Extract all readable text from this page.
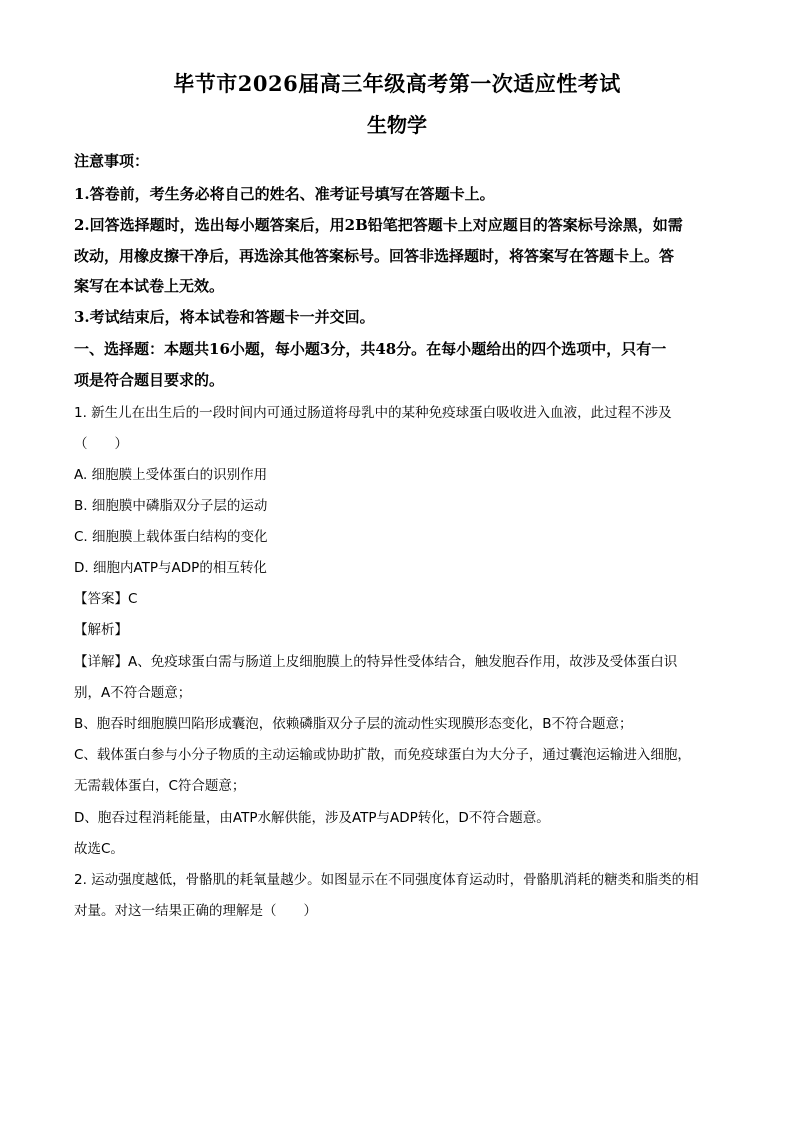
毕节市2026届高三年级高考第一次适应性考试
生物学
注意事项：
1.答卷前，考生务必将自己的姓名、准考证号填写在答题卡上。
2.回答选择题时，选出每小题答案后，用2B铅笔把答题卡上对应题目的答案标号涂黑，如需
改动，用橡皮擦干净后，再选涂其他答案标号。回答非选择题时，将答案写在答题卡上。答
案写在本试卷上无效。
3.考试结束后，将本试卷和答题卡一并交回。
一、选择题：本题共16小题，每小题3分，共48分。在每小题给出的四个选项中，只有一
项是符合题目要求的。
1. 新生儿在出生后的一段时间内可通过肠道将母乳中的某种免疫球蛋白吸收进入血液，此过程不涉及
（　　）
A. 细胞膜上受体蛋白的识别作用
B. 细胞膜中磷脂双分子层的运动
C. 细胞膜上载体蛋白结构的变化
D. 细胞内ATP与ADP的相互转化
【答案】C
【解析】
【详解】A、免疫球蛋白需与肠道上皮细胞膜上的特异性受体结合，触发胞吞作用，故涉及受体蛋白识
别，A不符合题意；
B、胞吞时细胞膜凹陷形成囊泡，依赖磷脂双分子层的流动性实现膜形态变化，B不符合题意；
C、载体蛋白参与小分子物质的主动运输或协助扩散，而免疫球蛋白为大分子，通过囊泡运输进入细胞，
无需载体蛋白，C符合题意；
D、胞吞过程消耗能量，由ATP水解供能，涉及ATP与ADP转化，D不符合题意。
故选C。
2. 运动强度越低，骨骼肌的耗氧量越少。如图显示在不同强度体育运动时，骨骼肌消耗的糖类和脂类的相
对量。对这一结果正确的理解是（　　）
